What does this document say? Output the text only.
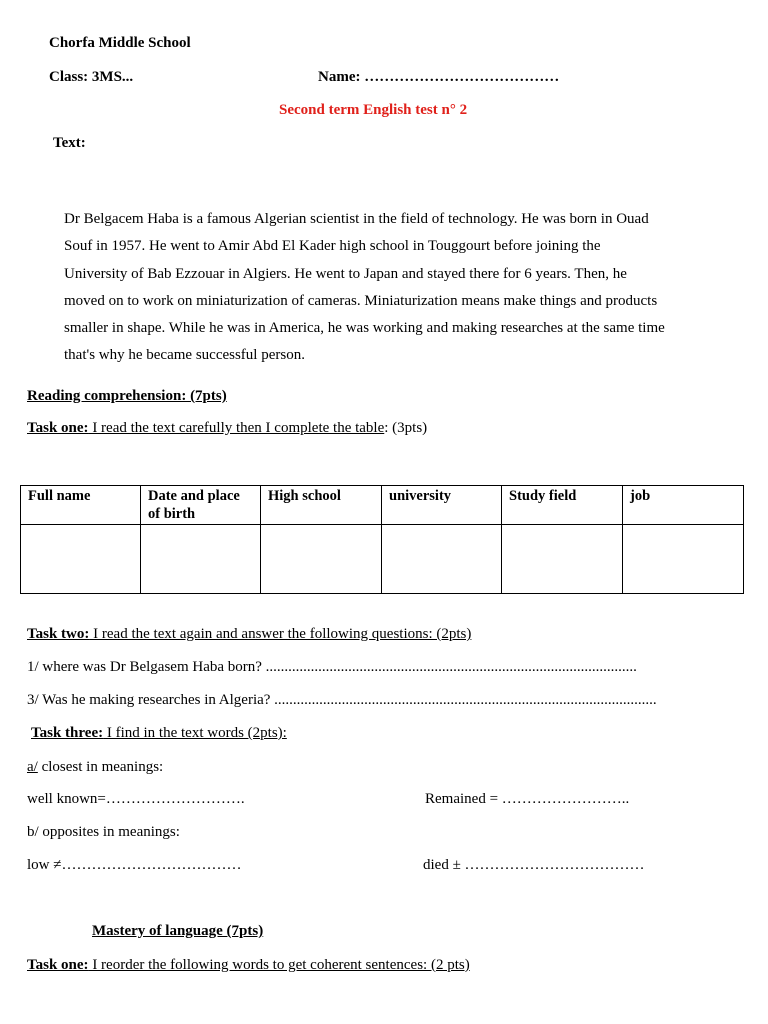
Chorfa Middle School
Class: 3MS...	Name: …………………………………
Second term English test n° 2
Text:
Dr Belgacem Haba is a famous Algerian scientist in the field of technology. He was born in Ouad
Souf in 1957. He went to Amir Abd El Kader high school in Touggourt before joining the
University of Bab Ezzouar in Algiers. He went to Japan and stayed there for 6 years. Then, he
moved on to work on miniaturization of cameras. Miniaturization means make things and products
smaller in shape. While he was in America, he was working and making researches at the same time
that's why he became successful person.
Reading comprehension: (7pts)
Task one: I read the text carefully then I complete the table: (3pts)
Full name	Date and place of birth	High school	university	Study field	job

Task two: I read the text again and answer the following questions: (2pts)
1/ where was Dr Belgasem Haba born? ...................................................................................................
3/ Was he making researches in Algeria? ......................................................................................................
Task three: I find in the text words (2pts):
a/ closest in meanings:
well known=……………………….	Remained = ……………………..
b/ opposites in meanings:
low ≠………………………………	died ± ………………………………
Mastery of language (7pts)
Task one: I reorder the following words to get coherent sentences: (2 pts)
